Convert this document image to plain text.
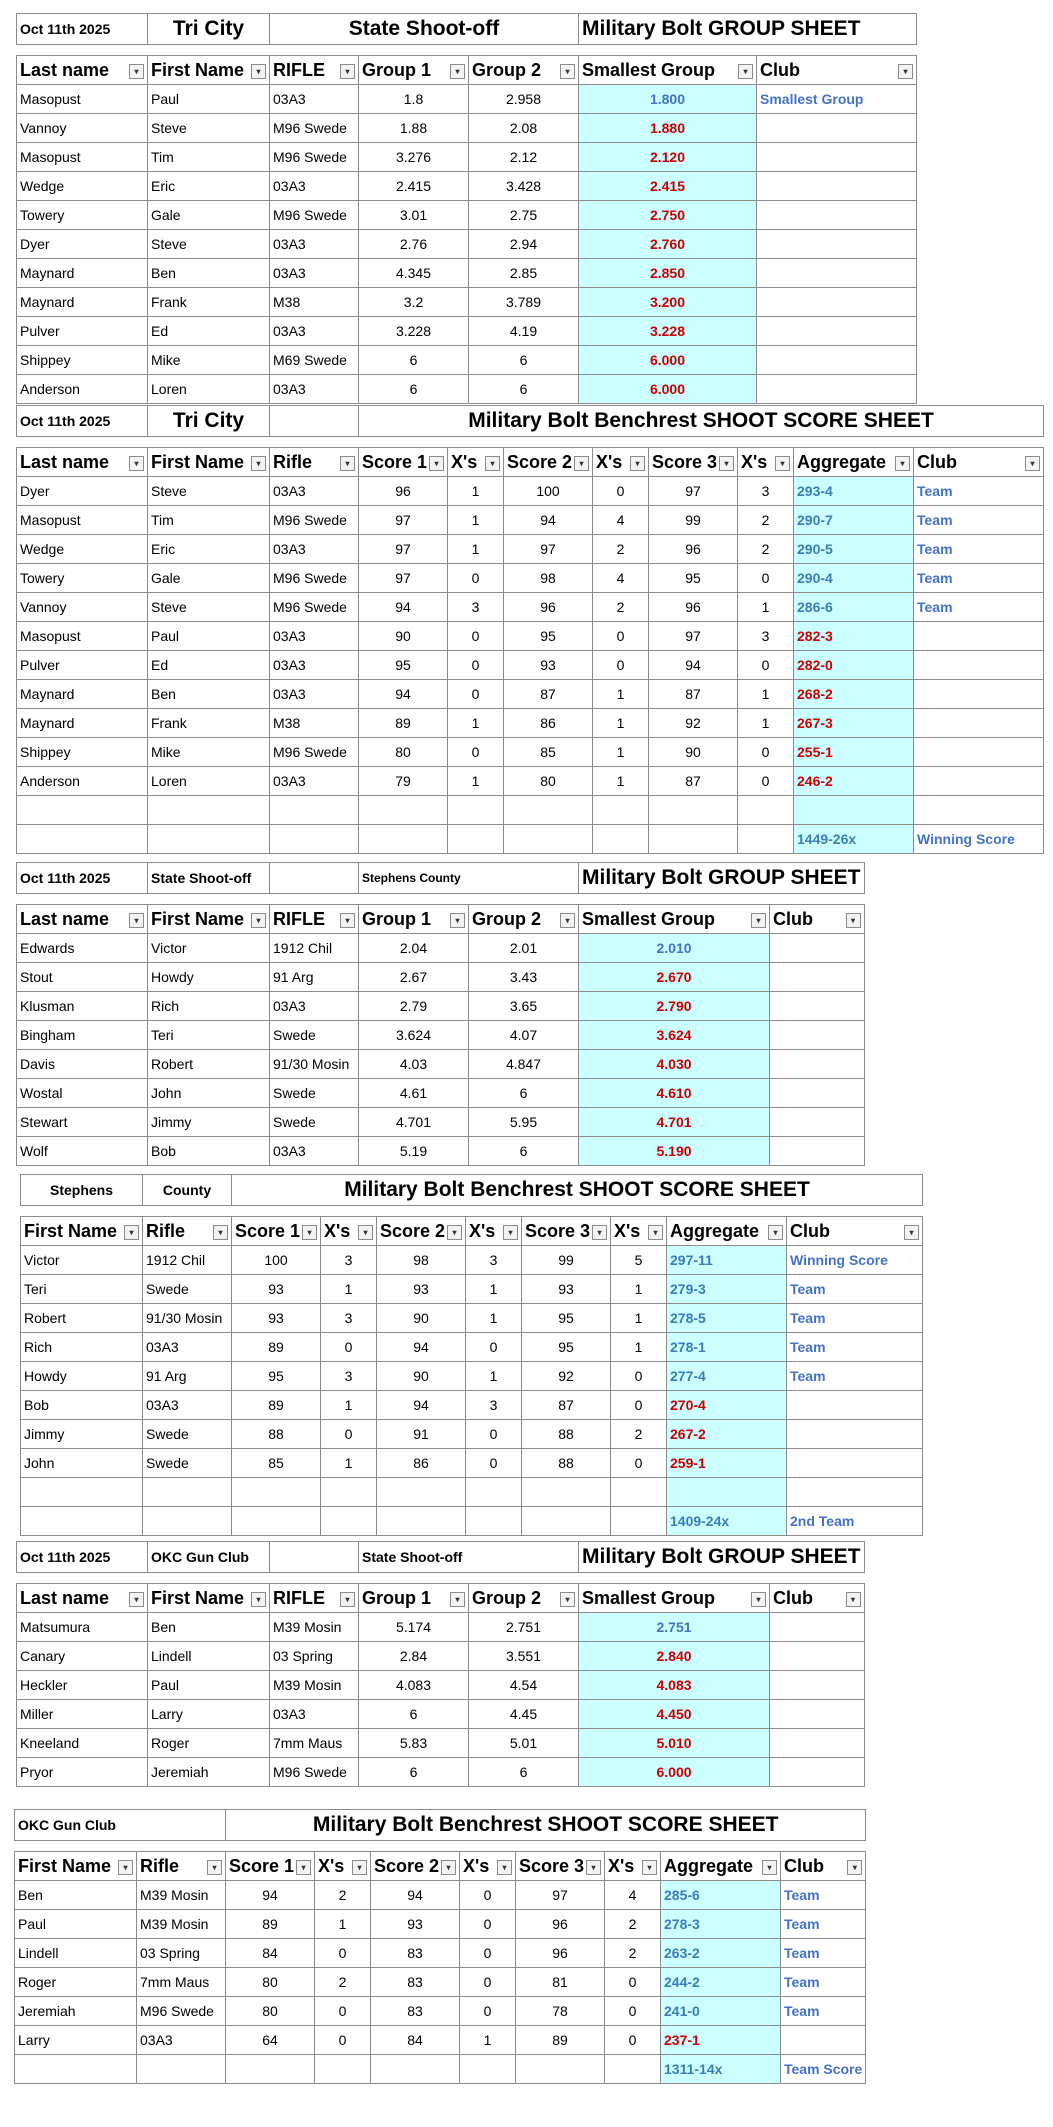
Oct 11th 2025	Tri City	State Shoot-off			Military Bolt GROUP SHEET	

Last name ▾	First Name ▾	RIFLE ▾	Group 1 ▾	Group 2 ▾	Smallest Group ▾	Club ▾

Masopust	Paul	03A3	1.8	2.958	1.800	Smallest Group
Vannoy	Steve	M96 Swede	1.88	2.08	1.880	
Masopust	Tim	M96 Swede	3.276	2.12	2.120	
Wedge	Eric	03A3	2.415	3.428	2.415	
Towery	Gale	M96 Swede	3.01	2.75	2.750	
Dyer	Steve	03A3	2.76	2.94	2.760	
Maynard	Ben	03A3	4.345	2.85	2.850	
Maynard	Frank	M38	3.2	3.789	3.200	
Pulver	Ed	03A3	3.228	4.19	3.228	
Shippey	Mike	M69 Swede	6	6	6.000	
Anderson	Loren	03A3	6	6	6.000	
Oct 11th 2025	Tri City		Military Bolt Benchrest SHOOT SCORE SHEET							

Last name ▾	First Name ▾	Rifle ▾	Score 1 ▾	X's ▾	Score 2 ▾	X's ▾	Score 3 ▾	X's ▾	Aggregate ▾	Club ▾

Dyer	Steve	03A3	96	1	100	0	97	3	293-4	Team
Masopust	Tim	M96 Swede	97	1	94	4	99	2	290-7	Team
Wedge	Eric	03A3	97	1	97	2	96	2	290-5	Team
Towery	Gale	M96 Swede	97	0	98	4	95	0	290-4	Team
Vannoy	Steve	M96 Swede	94	3	96	2	96	1	286-6	Team
Masopust	Paul	03A3	90	0	95	0	97	3	282-3	
Pulver	Ed	03A3	95	0	93	0	94	0	282-0	
Maynard	Ben	03A3	94	0	87	1	87	1	268-2	
Maynard	Frank	M38	89	1	86	1	92	1	267-3	
Shippey	Mike	M96 Swede	80	0	85	1	90	0	255-1	
Anderson	Loren	03A3	79	1	80	1	87	0	246-2	

									1449-26x	Winning Score
Oct 11th 2025	State Shoot-off		Stephens County		Military Bolt GROUP SHEET	

Last name ▾	First Name ▾	RIFLE ▾	Group 1 ▾	Group 2 ▾	Smallest Group ▾	Club ▾

Edwards	Victor	1912 Chil	2.04	2.01	2.010	
Stout	Howdy	91 Arg	2.67	3.43	2.670	
Klusman	Rich	03A3	2.79	3.65	2.790	
Bingham	Teri	Swede	3.624	4.07	3.624	
Davis	Robert	91/30 Mosin	4.03	4.847	4.030	
Wostal	John	Swede	4.61	6	4.610	
Stewart	Jimmy	Swede	4.701	5.95	4.701	
Wolf	Bob	03A3	5.19	6	5.190	
Stephens	County	Military Bolt Benchrest SHOOT SCORE SHEET							

First Name ▾	Rifle ▾	Score 1 ▾	X's ▾	Score 2 ▾	X's ▾	Score 3 ▾	X's ▾	Aggregate ▾	Club ▾

Victor	1912 Chil	100	3	98	3	99	5	297-11	Winning Score
Teri	Swede	93	1	93	1	93	1	279-3	Team
Robert	91/30 Mosin	93	3	90	1	95	1	278-5	Team
Rich	03A3	89	0	94	0	95	1	278-1	Team
Howdy	91 Arg	95	3	90	1	92	0	277-4	Team
Bob	03A3	89	1	94	3	87	0	270-4	
Jimmy	Swede	88	0	91	0	88	2	267-2	
John	Swede	85	1	86	0	88	0	259-1	

								1409-24x	2nd Team
Oct 11th 2025	OKC Gun Club		State Shoot-off		Military Bolt GROUP SHEET	

Last name ▾	First Name ▾	RIFLE ▾	Group 1 ▾	Group 2 ▾	Smallest Group ▾	Club ▾

Matsumura	Ben	M39 Mosin	5.174	2.751	2.751	
Canary	Lindell	03 Spring	2.84	3.551	2.840	
Heckler	Paul	M39 Mosin	4.083	4.54	4.083	
Miller	Larry	03A3	6	4.45	4.450	
Kneeland	Roger	7mm Maus	5.83	5.01	5.010	
Pryor	Jeremiah	M96 Swede	6	6	6.000	
OKC Gun Club		Military Bolt Benchrest SHOOT SCORE SHEET							

First Name ▾	Rifle ▾	Score 1 ▾	X's ▾	Score 2 ▾	X's ▾	Score 3 ▾	X's ▾	Aggregate ▾	Club ▾

Ben	M39 Mosin	94	2	94	0	97	4	285-6	Team
Paul	M39 Mosin	89	1	93	0	96	2	278-3	Team
Lindell	03 Spring	84	0	83	0	96	2	263-2	Team
Roger	7mm Maus	80	2	83	0	81	0	244-2	Team
Jeremiah	M96 Swede	80	0	83	0	78	0	241-0	Team
Larry	03A3	64	0	84	1	89	0	237-1	
								1311-14x	Team Score
